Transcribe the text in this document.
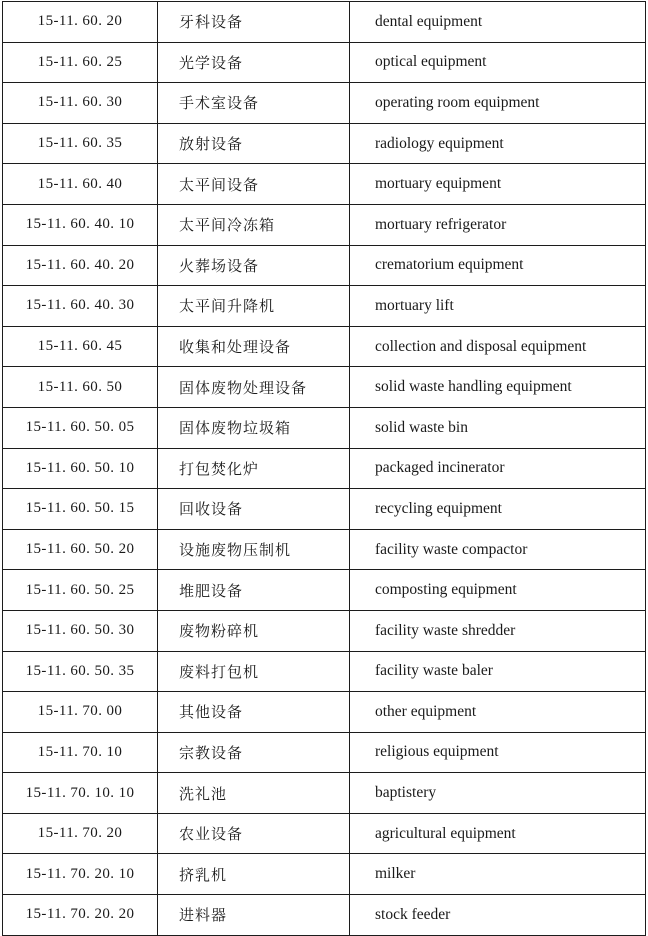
15-11. 60. 20	牙科设备	dental equipment
15-11. 60. 25	光学设备	optical equipment
15-11. 60. 30	手术室设备	operating room equipment
15-11. 60. 35	放射设备	radiology equipment
15-11. 60. 40	太平间设备	mortuary equipment
15-11. 60. 40. 10	太平间冷冻箱	mortuary refrigerator
15-11. 60. 40. 20	火葬场设备	crematorium equipment
15-11. 60. 40. 30	太平间升降机	mortuary lift
15-11. 60. 45	收集和处理设备	collection and disposal equipment
15-11. 60. 50	固体废物处理设备	solid waste handling equipment
15-11. 60. 50. 05	固体废物垃圾箱	solid waste bin
15-11. 60. 50. 10	打包焚化炉	packaged incinerator
15-11. 60. 50. 15	回收设备	recycling equipment
15-11. 60. 50. 20	设施废物压制机	facility waste compactor
15-11. 60. 50. 25	堆肥设备	composting equipment
15-11. 60. 50. 30	废物粉碎机	facility waste shredder
15-11. 60. 50. 35	废料打包机	facility waste baler
15-11. 70. 00	其他设备	other equipment
15-11. 70. 10	宗教设备	religious equipment
15-11. 70. 10. 10	洗礼池	baptistery
15-11. 70. 20	农业设备	agricultural equipment
15-11. 70. 20. 10	挤乳机	milker
15-11. 70. 20. 20	进料器	stock feeder
